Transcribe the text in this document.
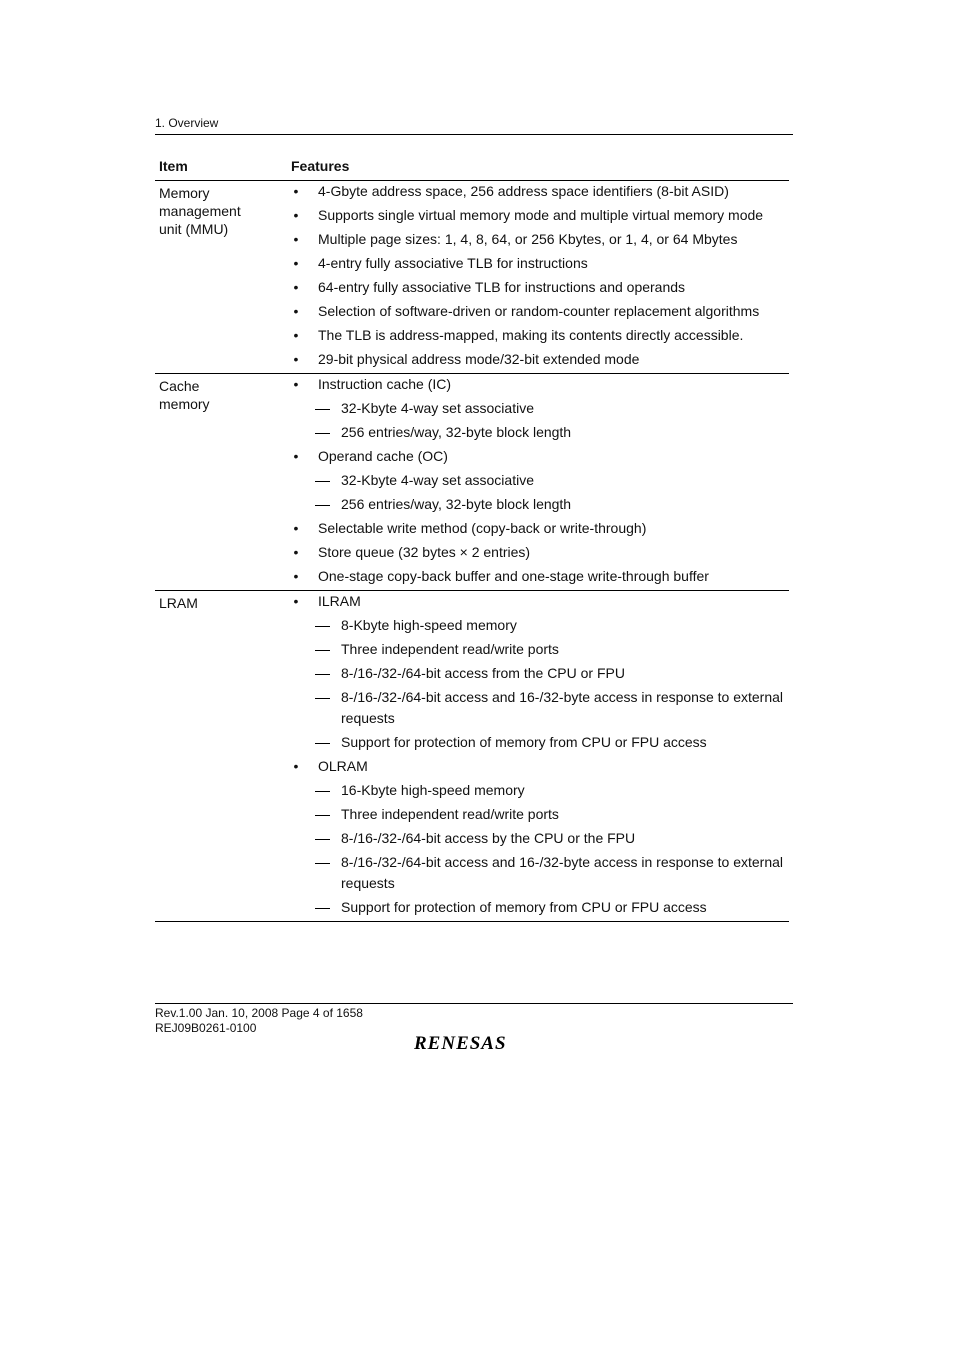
1. Overview
Item	Features
Memory management unit (MMU)
• 4-Gbyte address space, 256 address space identifiers (8-bit ASID)
• Supports single virtual memory mode and multiple virtual memory mode
• Multiple page sizes: 1, 4, 8, 64, or 256 Kbytes, or 1, 4, or 64 Mbytes
• 4-entry fully associative TLB for instructions
• 64-entry fully associative TLB for instructions and operands
• Selection of software-driven or random-counter replacement algorithms
• The TLB is address-mapped, making its contents directly accessible.
• 29-bit physical address mode/32-bit extended mode
Cache memory
• Instruction cache (IC)
32-Kbyte 4-way set associative
256 entries/way, 32-byte block length
• Operand cache (OC)
32-Kbyte 4-way set associative
256 entries/way, 32-byte block length
• Selectable write method (copy-back or write-through)
• Store queue (32 bytes × 2 entries)
• One-stage copy-back buffer and one-stage write-through buffer
LRAM	• ILRAM
8-Kbyte high-speed memory
Three independent read/write ports
8-/16-/32-/64-bit access from the CPU or FPU
8-/16-/32-/64-bit access and 16-/32-byte access in response to external requests
Support for protection of memory from CPU or FPU access
• OLRAM
16-Kbyte high-speed memory
Three independent read/write ports
8-/16-/32-/64-bit access by the CPU or the FPU
8-/16-/32-/64-bit access and 16-/32-byte access in response to external requests
Support for protection of memory from CPU or FPU access
Rev.1.00 Jan. 10, 2008 Page 4 of 1658
REJ09B0261-0100
RENESAS
